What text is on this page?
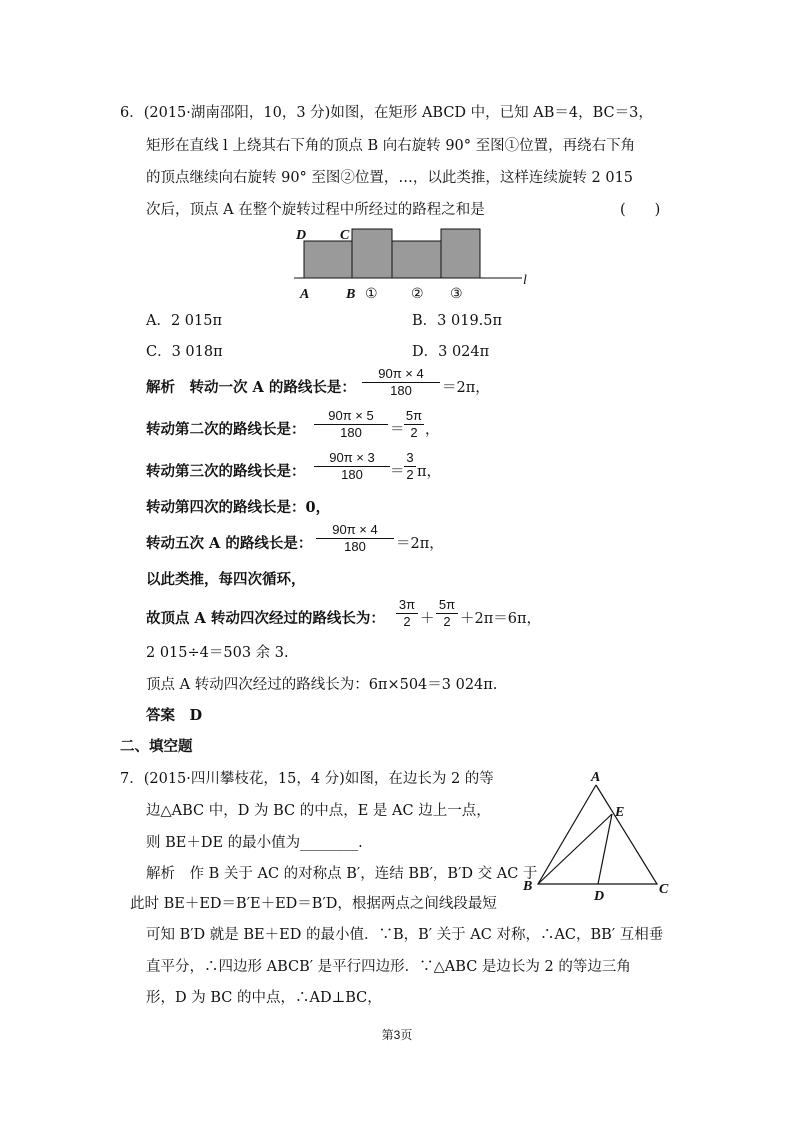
6．(2015·湖南邵阳，10，3 分)如图，在矩形 ABCD 中，已知 AB＝4，BC＝3，
矩形在直线 l 上绕其右下角的顶点 B 向右旋转 90° 至图①位置，再绕右下角
的顶点继续向右旋转 90° 至图②位置，…，以此类推，这样连续旋转 2 015
次后，顶点 A 在整个旋转过程中所经过的路程之和是	(　　)
D C
A	B ① ② ③
l
A．2 015π	B．3 019.5π
C．3 018π	D．3 024π
解析　转动一次 A 的路线长是：
90π × 4
180	＝2π，
转动第二次的路线长是：
90π × 5
180	＝
5π
2 ，
转动第三次的路线长是：
90π × 3
180	＝
3
2 π，
转动第四次的路线长是：0，
转动五次 A 的路线长是：
90π × 4
180	＝2π，
以此类推，每四次循环，
故顶点 A 转动四次经过的路线长为：
3π
2 ＋
5π
2 ＋2π＝6π，
2 015÷4＝503 余 3.
顶点 A 转动四次经过的路线长为：6π×504＝3 024π.
答案　D
二、填空题
7．(2015·四川攀枝花，15，4 分)如图，在边长为 2 的等
边△ABC 中，D 为 BC 的中点，E 是 AC 边上一点，
则 BE＋DE 的最小值为________.
解析　作 B 关于 AC 的对称点 B′，连结 BB′，B′D 交 AC 于
此时 BE＋ED＝B′E＋ED＝B′D，根据两点之间线段最短
可知 B′D 就是 BE＋ED 的最小值．∵B，B′ 关于 AC 对称，∴AC，BB′ 互相垂
直平分，∴四边形 ABCB′ 是平行四边形．∵△ABC 是边长为 2 的等边三角
形，D 为 BC 的中点，∴AD⊥BC，
A
E
B
D	C
第3页
